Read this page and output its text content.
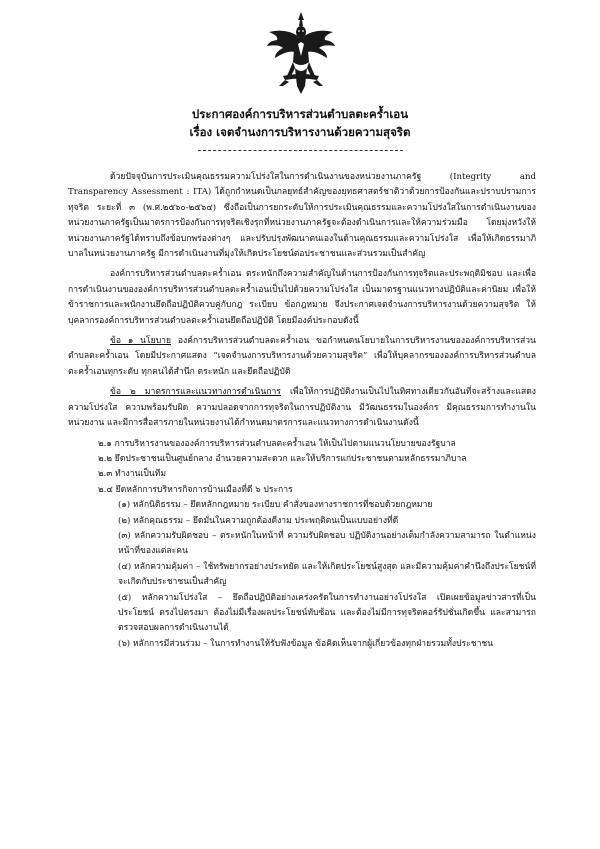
ประกาศองค์การบริหารส่วนตำบลตะคร้ำเอน
เรื่อง เจตจำนงการบริหารงานด้วยความสุจริต

ด้วยปัจจุบันการประเมินคุณธรรมความโปร่งใสในการดำเนินงานของหน่วยงานภาครัฐ (Integrity and Transparency Assessment : ITA) ได้ถูกกำหนดเป็นกลยุทธ์สำคัญของยุทธศาสตร์ชาติว่าด้วยการป้องกันและปราบปรามการทุจริต ระยะที่ ๓ (พ.ศ.๒๕๖๐-๒๕๖๔) ซึ่งถือเป็นการยกระดับให้การประเมินคุณธรรมและความโปร่งใสในการดำเนินงานของหน่วยงานภาครัฐเป็นมาตรการป้องกันการทุจริตเชิงรุกที่หน่วยงานภาครัฐจะต้องดำเนินการและให้ความร่วมมือ โดยมุ่งหวังให้หน่วยงานภาครัฐได้ทราบถึงข้อบกพร่องต่างๆ และปรับปรุงพัฒนาตนเองในด้านคุณธรรมและความโปร่งใส เพื่อให้เกิดธรรมาภิบาลในหน่วยงานภาครัฐ มีการดำเนินงานที่มุ่งให้เกิดประโยชน์ต่อประชาชนและส่วนรวมเป็นสำคัญ

องค์การบริหารส่วนตำบลตะคร้ำเอน ตระหนักถึงความสำคัญในด้านการป้องกันการทุจริตและประพฤติมิชอบ และเพื่อการดำเนินงานขององค์การบริหารส่วนตำบลตะคร้ำเอนเป็นไปด้วยความโปร่งใส เป็นมาตรฐานแนวทางปฏิบัติและค่านิยม เพื่อให้ข้าราชการและพนักงานยึดถือปฏิบัติควบคู่กับกฎ ระเบียบ ข้อกฎหมาย จึงประกาศเจตจำนงการบริหารงานด้วยความสุจริต ให้บุคลากรองค์การบริหารส่วนตำบลตะคร้ำเอนยึดถือปฏิบัติ โดยมีองค์ประกอบดังนี้

ข้อ ๑ นโยบาย องค์การบริหารส่วนตำบลตะคร้ำเอน ขอกำหนดนโยบายในการบริหารงานขององค์การบริหารส่วนตำบลตะคร้ำเอน โดยมีประกาศแสดง “เจตจำนงการบริหารงานด้วยความสุจริต” เพื่อให้บุคลากรขององค์การบริหารส่วนตำบลตะคร้ำเอนทุกระดับ ทุกคนได้สำนึก ตระหนัก และยึดถือปฏิบัติ

ข้อ ๒ มาตรการและแนวทางการดำเนินการ เพื่อให้การปฏิบัติงานเป็นไปในทิศทางเดียวกันอันที่จะสร้างและแสดงความโปร่งใส ความพร้อมรับผิด ความปลอดจากการทุจริตในการปฏิบัติงาน มีวัฒนธรรมในองค์กร มีคุณธรรมการทำงานในหน่วยงาน และมีการสื่อสารภายในหน่วยงานได้กำหนดมาตรการและแนวทางการดำเนินงานดังนี้

๒.๑ การบริหารงานขององค์การบริหารส่วนตำบลตะคร้ำเอน ให้เป็นไปตามแนวนโยบายของรัฐบาล
๒.๒ ยึดประชาชนเป็นศูนย์กลาง อำนวยความสะดวก และให้บริการแก่ประชาชนตามหลักธรรมาภิบาล
๒.๓ ทำงานเป็นทีม
๒.๔ ยึดหลักการบริหารกิจการบ้านเมืองที่ดี ๖ ประการ
(๑) หลักนิติธรรม – ยึดหลักกฎหมาย ระเบียบ คำสั่งของทางราชการที่ชอบด้วยกฎหมาย
(๒) หลักคุณธรรม – ยึดมั่นในความถูกต้องดีงาม ประพฤติตนเป็นแบบอย่างที่ดี
(๓) หลักความรับผิดชอบ – ตระหนักในหน้าที่ ความรับผิดชอบ ปฏิบัติงานอย่างเต็มกำลังความสามารถ ในตำแหน่งหน้าที่ของแต่ละคน
(๔) หลักความคุ้มค่า – ใช้ทรัพยากรอย่างประหยัด และให้เกิดประโยชน์สูงสุด และมีความคุ้มค่าคำนึงถึงประโยชน์ที่จะเกิดกับประชาชนเป็นสำคัญ
(๕) หลักความโปร่งใส – ยึดถือปฏิบัติอย่างเคร่งครัดในการทำงานอย่างโปร่งใส เปิดเผยข้อมูลข่าวสารที่เป็นประโยชน์ ตรงไปตรงมา ต้องไม่มีเรื่องผลประโยชน์ทับซ้อน และต้องไม่มีการทุจริตคอร์รัปชั่นเกิดขึ้น และสามารถตรวจสอบผลการดำเนินงานได้
(๖) หลักการมีส่วนร่วม – ในการทำงานให้รับฟังข้อมูล ข้อคิดเห็นจากผู้เกี่ยวข้องทุกฝ่ายรวมทั้งประชาชน
